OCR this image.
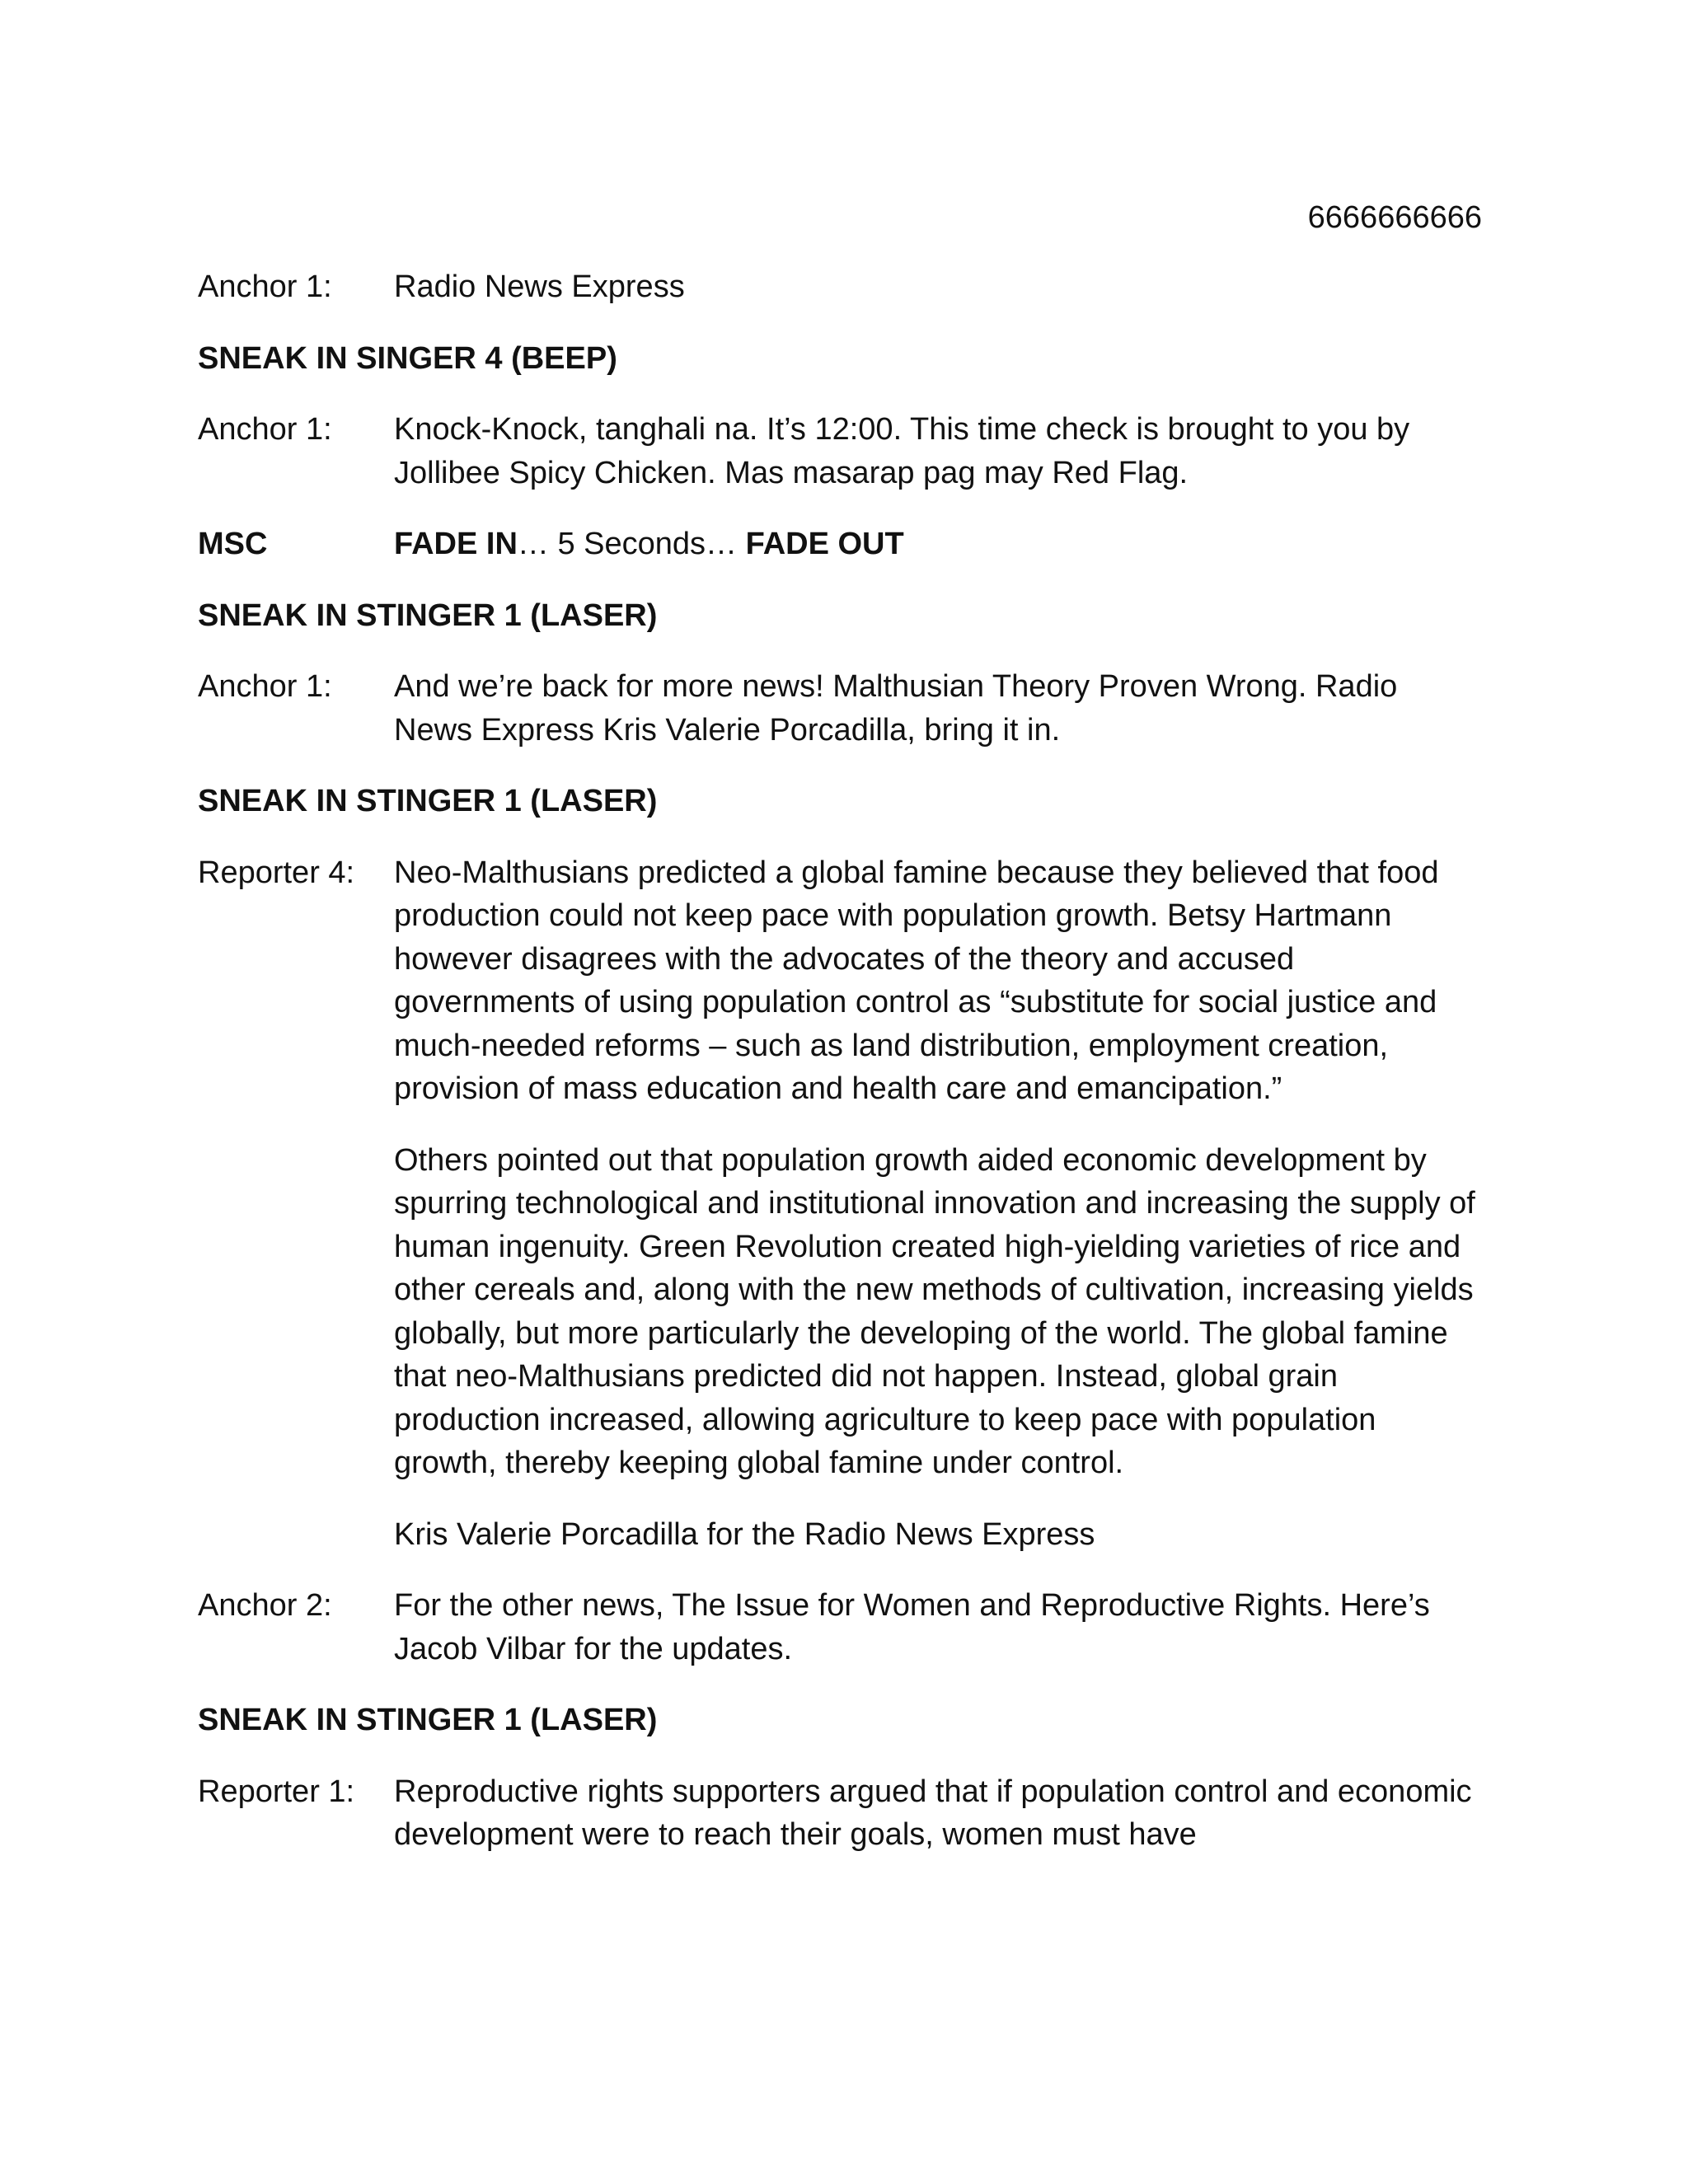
6666666666
Anchor 1:	Radio News Express

SNEAK IN SINGER 4 (BEEP)
Anchor 1:	Knock-Knock, tanghali na. It’s 12:00. This time check is brought to you by Jollibee Spicy Chicken. Mas masarap pag may Red Flag.

MSC	FADE IN… 5 Seconds… FADE OUT
SNEAK IN STINGER 1 (LASER)
Anchor 1:	And we’re back for more news! Malthusian Theory Proven Wrong. Radio News Express Kris Valerie Porcadilla, bring it in.

SNEAK IN STINGER 1 (LASER)
Reporter 4:	Neo-Malthusians predicted a global famine because they believed that food production could not keep pace with population growth. Betsy Hartmann however disagrees with the advocates of the theory and accused governments of using population control as “substitute for social justice and much-needed reforms – such as land distribution, employment creation, provision of mass education and health care and emancipation.”

Others pointed out that population growth aided economic development by spurring technological and institutional innovation and increasing the supply of human ingenuity. Green Revolution created high-yielding varieties of rice and other cereals and, along with the new methods of cultivation, increasing yields globally, but more particularly the developing of the world. The global famine that neo-Malthusians predicted did not happen. Instead, global grain production increased, allowing agriculture to keep pace with population growth, thereby keeping global famine under control.

Kris Valerie Porcadilla for the Radio News Express

Anchor 2:	For the other news, The Issue for Women and Reproductive Rights. Here’s Jacob Vilbar for the updates.

SNEAK IN STINGER 1 (LASER)
Reporter 1:	Reproductive rights supporters argued that if population control and economic development were to reach their goals, women must have
